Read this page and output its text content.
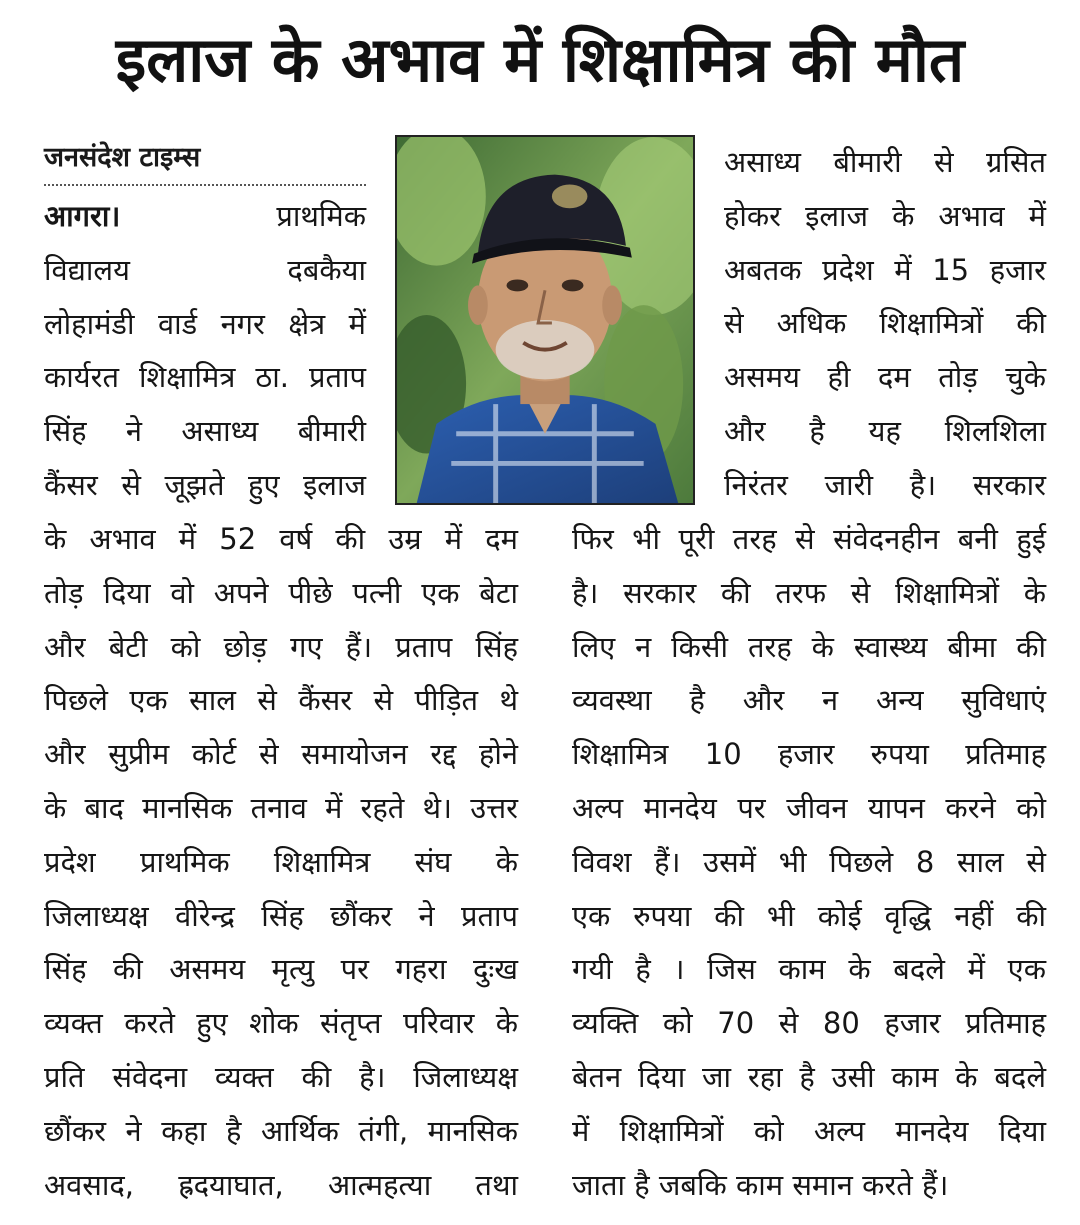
इलाज के अभाव में शिक्षामित्र की मौत
जनसंदेश टाइम्स
आगरा।	प्राथमिक
विद्यालय दबकैया
लोहामंडी वार्ड नगर क्षेत्र में
कार्यरत शिक्षामित्र ठा. प्रताप
सिंह ने असाध्य बीमारी
कैंसर से जूझते हुए इलाज
के अभाव में 52 वर्ष की उम्र में दम
तोड़ दिया वो अपने पीछे पत्नी एक बेटा
और बेटी को छोड़ गए हैं। प्रताप सिंह
पिछले एक साल से कैंसर से पीड़ित थे
और सुप्रीम कोर्ट से समायोजन रद्द होने
के बाद मानसिक तनाव में रहते थे। उत्तर
प्रदेश प्राथमिक शिक्षामित्र संघ के
जिलाध्यक्ष वीरेन्द्र सिंह छौंकर ने प्रताप
सिंह की असमय मृत्यु पर गहरा दुःख
व्यक्त करते हुए शोक संतृप्त परिवार के
प्रति संवेदना व्यक्त की है। जिलाध्यक्ष
छौंकर ने कहा है आर्थिक तंगी, मानसिक
अवसाद, ह्रदयाघात, आत्महत्या तथा
असाध्य बीमारी से ग्रसित
होकर इलाज के अभाव में
अबतक प्रदेश में 15 हजार
से अधिक शिक्षामित्रों की
असमय ही दम तोड़ चुके
और है यह शिलशिला
निरंतर जारी है। सरकार
फिर भी पूरी तरह से संवेदनहीन बनी हुई
है। सरकार की तरफ से शिक्षामित्रों के
लिए न किसी तरह के स्वास्थ्य बीमा की
व्यवस्था है और न अन्य सुविधाएं
शिक्षामित्र 10 हजार रुपया प्रतिमाह
अल्प मानदेय पर जीवन यापन करने को
विवश हैं। उसमें भी पिछले 8 साल से
एक रुपया की भी कोई वृद्धि नहीं की
गयी है । जिस काम के बदले में एक
व्यक्ति को 70 से 80 हजार प्रतिमाह
बेतन दिया जा रहा है उसी काम के बदले
में शिक्षामित्रों को अल्प मानदेय दिया
जाता है जबकि काम समान करते हैं।
